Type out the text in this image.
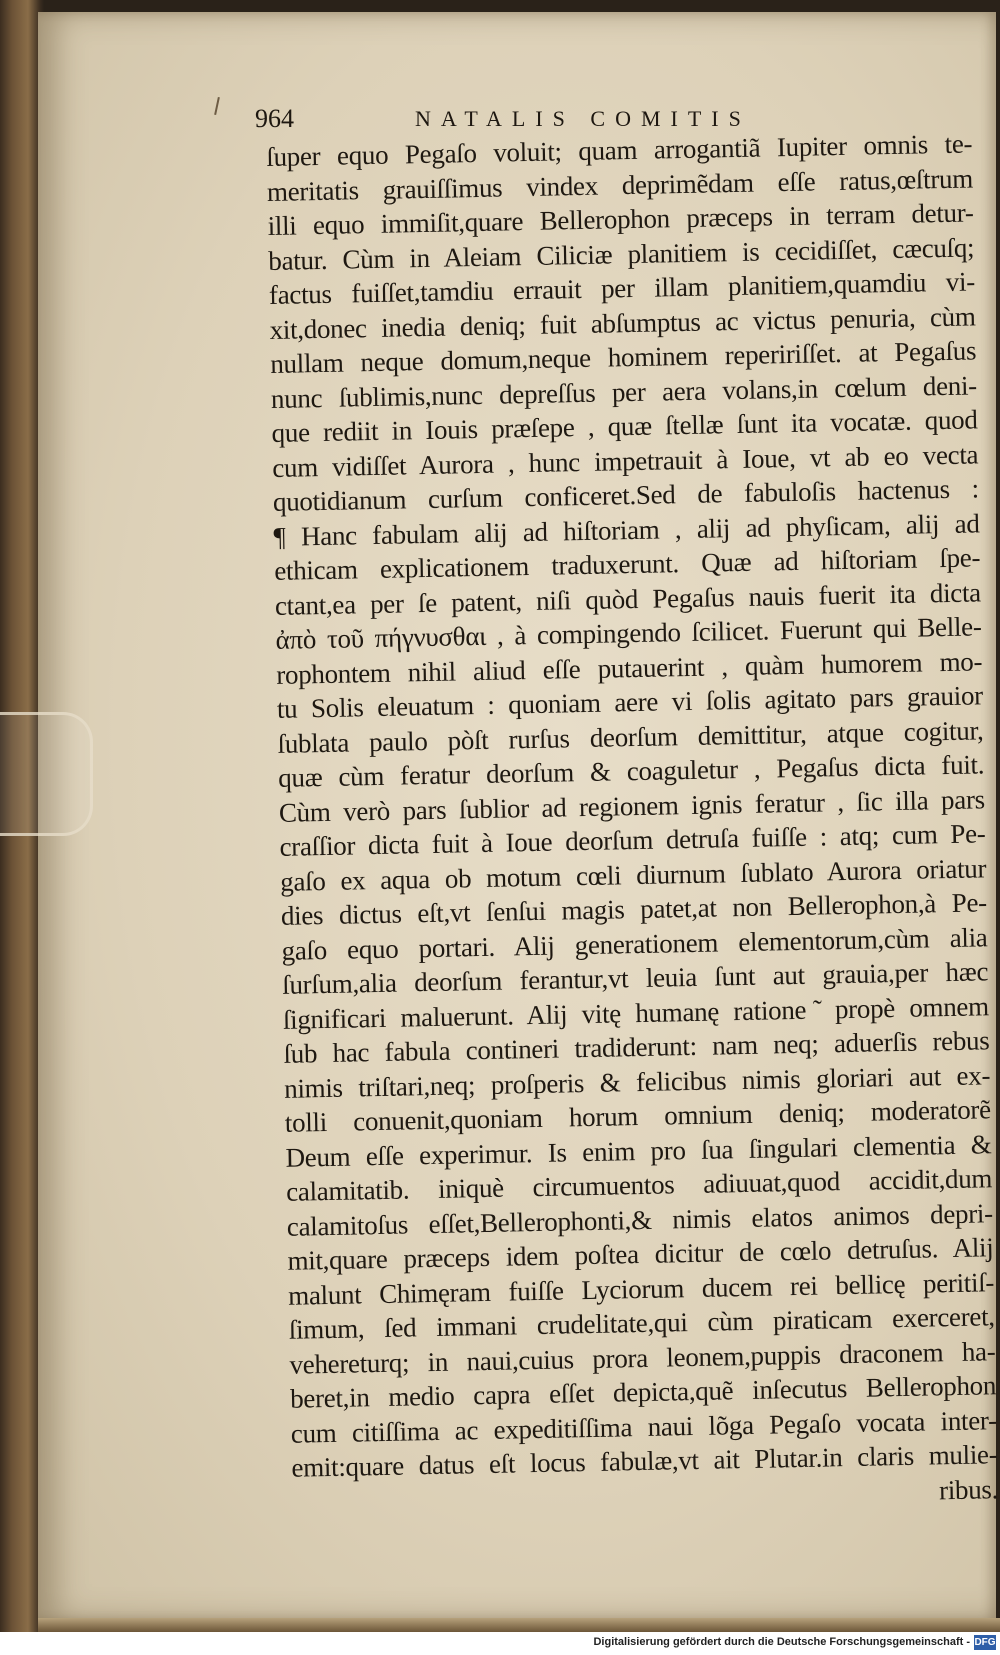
964	NATALIS COMITIS
ſuper equo Pegaſo voluit; quam arrogantiã Iupiter omnis te-
meritatis grauiſſimus vindex deprimẽdam eſſe ratus,œſtrum
illi equo immiſit,quare Bellerophon præceps in terram detur-
batur. Cùm in Aleiam Ciliciæ planitiem is cecidiſſet, cæcuſq;
factus fuiſſet,tamdiu errauit per illam planitiem,quamdiu vi-
xit,donec inedia deniq; fuit abſumptus ac victus penuria, cùm
nullam neque domum,neque hominem repeririſſet. at Pegaſus
nunc ſublimis,nunc depreſſus per aera volans,in cœlum deni-
que rediit in Iouis præſepe , quæ ſtellæ ſunt ita vocatæ. quod
cum vidiſſet Aurora , hunc impetrauit à Ioue, vt ab eo vecta
quotidianum curſum conficeret.Sed de fabuloſis hactenus :
¶ Hanc fabulam alij ad hiſtoriam , alij ad phyſicam, alij ad
ethicam explicationem traduxerunt. Quæ ad hiſtoriam ſpe-
ctant,ea per ſe patent, niſi quòd Pegaſus nauis fuerit ita dicta
ἀπὸ τοῦ πήγνυσθαι , à compingendo ſcilicet. Fuerunt qui Belle-
rophontem nihil aliud eſſe putauerint , quàm humorem mo-
tu Solis eleuatum : quoniam aere vi ſolis agitato pars grauior
ſublata paulo pòſt rurſus deorſum demittitur, atque cogitur,
quæ cùm feratur deorſum & coaguletur , Pegaſus dicta fuit.
Cùm verò pars ſublior ad regionem ignis feratur , ſic illa pars
craſſior dicta fuit à Ioue deorſum detruſa fuiſſe : atq; cum Pe-
gaſo ex aqua ob motum cœli diurnum ſublato Aurora oriatur
dies dictus eſt,vt ſenſui magis patet,at non Bellerophon,à Pe-
gaſo equo portari. Alij generationem elementorum,cùm alia
ſurſum,alia deorſum ferantur,vt leuia ſunt aut grauia,per hæc
ſignificari maluerunt. Alij vitę humanę ratione ̃ propè omnem
ſub hac fabula contineri tradiderunt: nam neq; aduerſis rebus
nimis triſtari,neq; proſperis & felicibus nimis gloriari aut ex-
tolli conuenit,quoniam horum omnium deniq; moderatorẽ
Deum eſſe experimur. Is enim pro ſua ſingulari clementia &
calamitatib. iniquè circumuentos adiuuat,quod accidit,dum
calamitoſus eſſet,Bellerophonti,& nimis elatos animos depri-
mit,quare præceps idem poſtea dicitur de cœlo detruſus. Alij
malunt Chimęram fuiſſe Lyciorum ducem rei bellicę peritiſ-
ſimum, ſed immani crudelitate,qui cùm piraticam exerceret,
vehereturq; in naui,cuius prora leonem,puppis draconem ha-
beret,in medio capra eſſet depicta,quẽ inſecutus Bellerophon
cum citiſſima ac expeditiſſima naui lõga Pegaſo vocata inter-
emit:quare datus eſt locus fabulæ,vt ait Plutar.in claris mulie-
ribus.
Digitalisierung gefördert durch die Deutsche Forschungsgemeinschaft - DFG
